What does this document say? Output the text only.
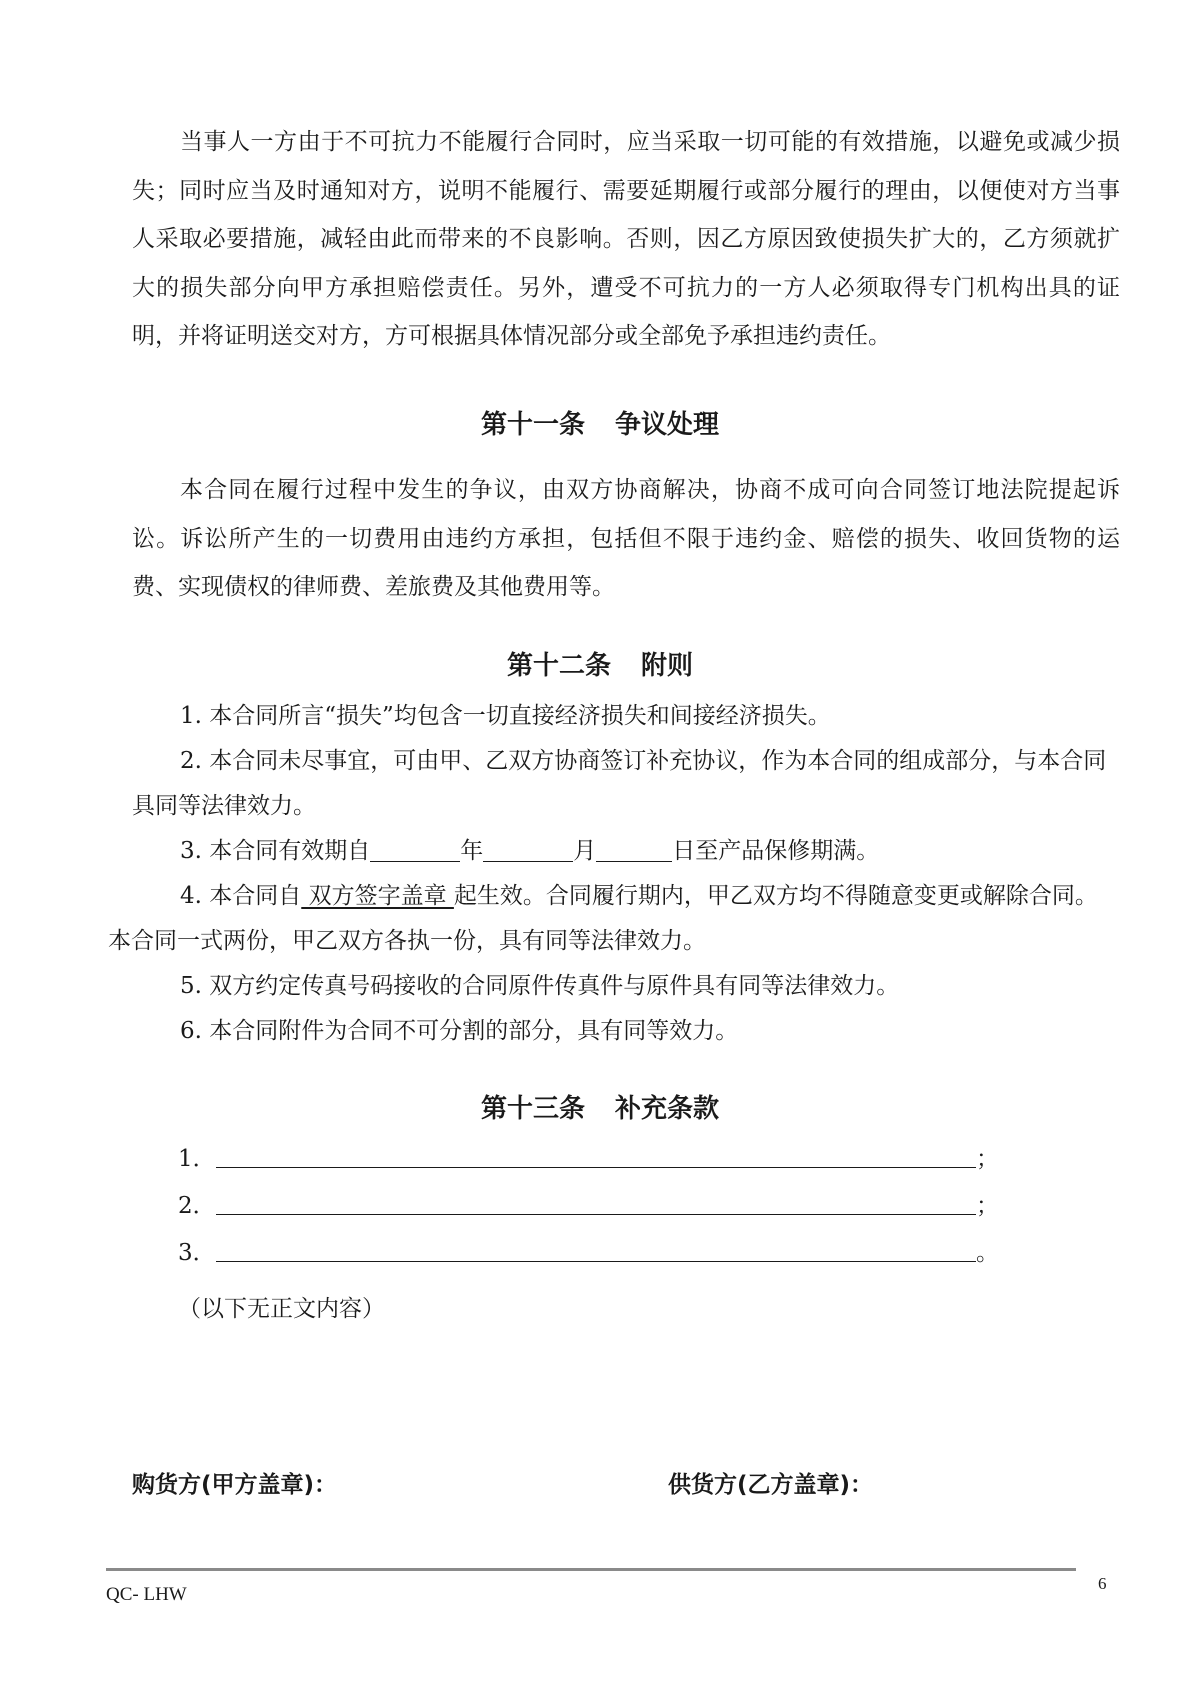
当事人一方由于不可抗力不能履行合同时，应当采取一切可能的有效措施，以避免或减少损失；同时应当及时通知对方，说明不能履行、需要延期履行或部分履行的理由，以便使对方当事人采取必要措施，减轻由此而带来的不良影响。否则，因乙方原因致使损失扩大的，乙方须就扩大的损失部分向甲方承担赔偿责任。另外，遭受不可抗力的一方人必须取得专门机构出具的证明，并将证明送交对方，方可根据具体情况部分或全部免予承担违约责任。

第十一条 争议处理

本合同在履行过程中发生的争议，由双方协商解决，协商不成可向合同签订地法院提起诉讼。诉讼所产生的一切费用由违约方承担，包括但不限于违约金、赔偿的损失、收回货物的运费、实现债权的律师费、差旅费及其他费用等。

第十二条 附则

1. 本合同所言“损失”均包含一切直接经济损失和间接经济损失。

2. 本合同未尽事宜，可由甲、乙双方协商签订补充协议，作为本合同的组成部分，与本合同具同等法律效力。

3. 本合同有效期自	年	月	日至产品保修期满。

4. 本合同自 双方签字盖章 起生效。合同履行期内，甲乙双方均不得随意变更或解除合同。本合同一式两份，甲乙双方各执一份，具有同等法律效力。

5. 双方约定传真号码接收的合同原件传真件与原件具有同等法律效力。

6. 本合同附件为合同不可分割的部分，具有同等效力。

第十三条 补充条款
1．	；
2．	；
3．	。
（以下无正文内容）
购货方(甲方盖章)：	供货方(乙方盖章)：
QC- LHW
6
